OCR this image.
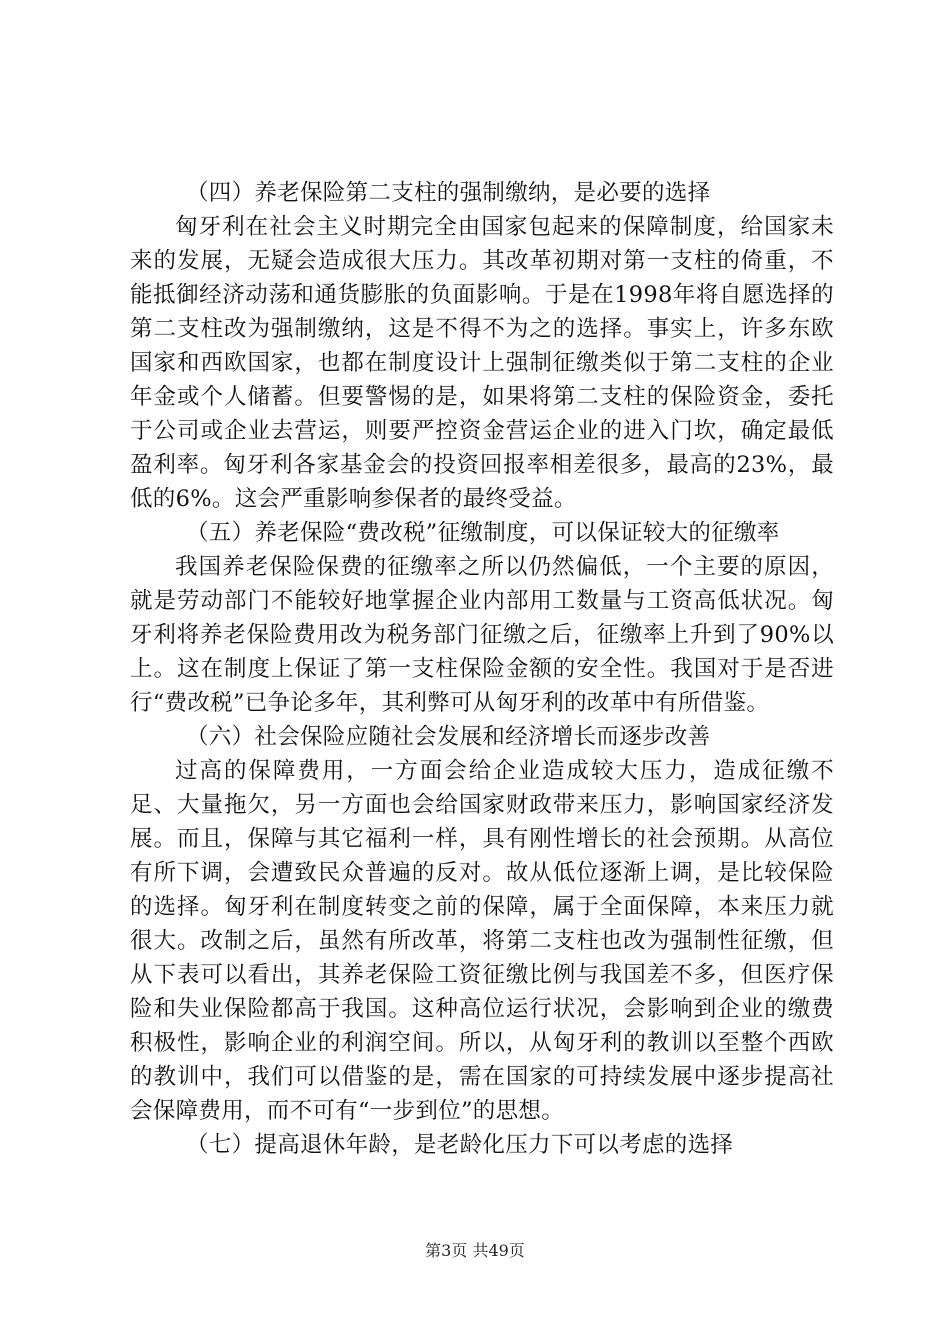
（四）养老保险第二支柱的强制缴纳，是必要的选择

匈牙利在社会主义时期完全由国家包起来的保障制度，给国家未来的发展，无疑会造成很大压力。其改革初期对第一支柱的倚重，不能抵御经济动荡和通货膨胀的负面影响。于是在1998年将自愿选择的第二支柱改为强制缴纳，这是不得不为之的选择。事实上，许多东欧国家和西欧国家，也都在制度设计上强制征缴类似于第二支柱的企业年金或个人储蓄。但要警惕的是，如果将第二支柱的保险资金，委托于公司或企业去营运，则要严控资金营运企业的进入门坎，确定最低盈利率。匈牙利各家基金会的投资回报率相差很多，最高的23%，最低的6%。这会严重影响参保者的最终受益。

（五）养老保险“费改税”征缴制度，可以保证较大的征缴率

我国养老保险保费的征缴率之所以仍然偏低，一个主要的原因，就是劳动部门不能较好地掌握企业内部用工数量与工资高低状况。匈牙利将养老保险费用改为税务部门征缴之后，征缴率上升到了90%以上。这在制度上保证了第一支柱保险金额的安全性。我国对于是否进行“费改税”已争论多年，其利弊可从匈牙利的改革中有所借鉴。

（六）社会保险应随社会发展和经济增长而逐步改善

过高的保障费用，一方面会给企业造成较大压力，造成征缴不足、大量拖欠，另一方面也会给国家财政带来压力，影响国家经济发展。而且，保障与其它福利一样，具有刚性增长的社会预期。从高位有所下调，会遭致民众普遍的反对。故从低位逐渐上调，是比较保险的选择。匈牙利在制度转变之前的保障，属于全面保障，本来压力就很大。改制之后，虽然有所改革，将第二支柱也改为强制性征缴，但从下表可以看出，其养老保险工资征缴比例与我国差不多，但医疗保险和失业保险都高于我国。这种高位运行状况，会影响到企业的缴费积极性，影响企业的利润空间。所以，从匈牙利的教训以至整个西欧的教训中，我们可以借鉴的是，需在国家的可持续发展中逐步提高社会保障费用，而不可有“一步到位”的思想。

（七）提高退休年龄，是老龄化压力下可以考虑的选择

第3页 共49页
